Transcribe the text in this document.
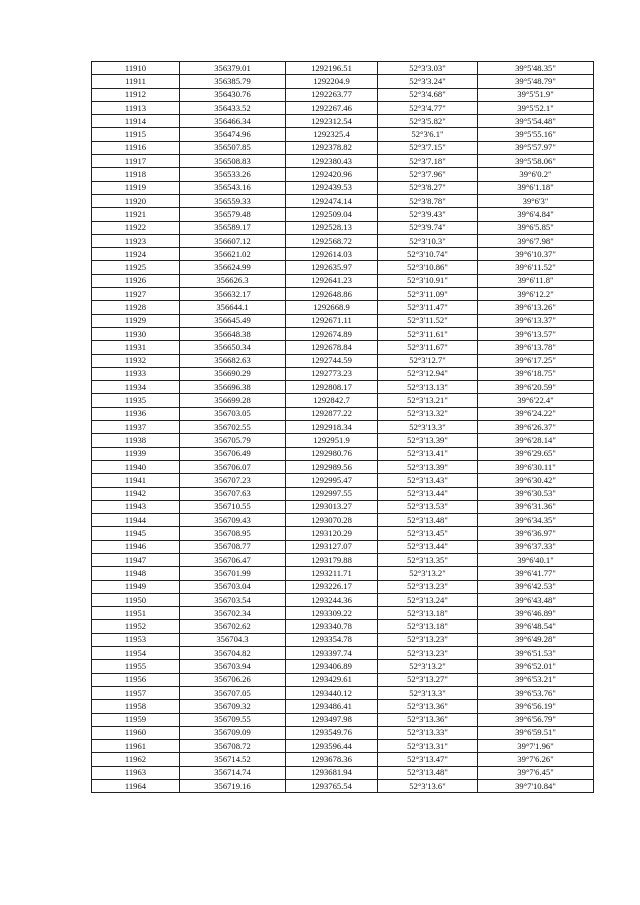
11910	356379.01	1292196.51	52°3'3.03"	39°5'48.35"
11911	356385.79	1292204.9	52°3'3.24"	39°5'48.79"
11912	356430.76	1292263.77	52°3'4.68"	39°5'51.9"
11913	356433.52	1292267.46	52°3'4.77"	39°5'52.1"
11914	356466.34	1292312.54	52°3'5.82"	39°5'54.48"
11915	356474.96	1292325.4	52°3'6.1"	39°5'55.16"
11916	356507.85	1292378.82	52°3'7.15"	39°5'57.97"
11917	356508.83	1292380.43	52°3'7.18"	39°5'58.06"
11918	356533.26	1292420.96	52°3'7.96"	39°6'0.2"
11919	356543.16	1292439.53	52°3'8.27"	39°6'1.18"
11920	356559.33	1292474.14	52°3'8.78"	39°6'3"
11921	356579.48	1292509.04	52°3'9.43"	39°6'4.84"
11922	356589.17	1292528.13	52°3'9.74"	39°6'5.85"
11923	356607.12	1292568.72	52°3'10.3"	39°6'7.98"
11924	356621.02	1292614.03	52°3'10.74"	39°6'10.37"
11925	356624.99	1292635.97	52°3'10.86"	39°6'11.52"
11926	356626.3	1292641.23	52°3'10.91"	39°6'11.8"
11927	356632.17	1292648.86	52°3'11.09"	39°6'12.2"
11928	356644.1	1292668.9	52°3'11.47"	39°6'13.26"
11929	356645.49	1292671.11	52°3'11.52"	39°6'13.37"
11930	356648.38	1292674.89	52°3'11.61"	39°6'13.57"
11931	356650.34	1292678.84	52°3'11.67"	39°6'13.78"
11932	356682.63	1292744.59	52°3'12.7"	39°6'17.25"
11933	356690.29	1292773.23	52°3'12.94"	39°6'18.75"
11934	356696.38	1292808.17	52°3'13.13"	39°6'20.59"
11935	356699.28	1292842.7	52°3'13.21"	39°6'22.4"
11936	356703.05	1292877.22	52°3'13.32"	39°6'24.22"
11937	356702.55	1292918.34	52°3'13.3"	39°6'26.37"
11938	356705.79	1292951.9	52°3'13.39"	39°6'28.14"
11939	356706.49	1292980.76	52°3'13.41"	39°6'29.65"
11940	356706.07	1292989.56	52°3'13.39"	39°6'30.11"
11941	356707.23	1292995.47	52°3'13.43"	39°6'30.42"
11942	356707.63	1292997.55	52°3'13.44"	39°6'30.53"
11943	356710.55	1293013.27	52°3'13.53"	39°6'31.36"
11944	356709.43	1293070.28	52°3'13.48"	39°6'34.35"
11945	356708.95	1293120.29	52°3'13.45"	39°6'36.97"
11946	356708.77	1293127.07	52°3'13.44"	39°6'37.33"
11947	356706.47	1293179.88	52°3'13.35"	39°6'40.1"
11948	356701.99	1293211.71	52°3'13.2"	39°6'41.77"
11949	356703.04	1293226.17	52°3'13.23"	39°6'42.53"
11950	356703.54	1293244.36	52°3'13.24"	39°6'43.48"
11951	356702.34	1293309.22	52°3'13.18"	39°6'46.89"
11952	356702.62	1293340.78	52°3'13.18"	39°6'48.54"
11953	356704.3	1293354.78	52°3'13.23"	39°6'49.28"
11954	356704.82	1293397.74	52°3'13.23"	39°6'51.53"
11955	356703.94	1293406.89	52°3'13.2"	39°6'52.01"
11956	356706.26	1293429.61	52°3'13.27"	39°6'53.21"
11957	356707.05	1293440.12	52°3'13.3"	39°6'53.76"
11958	356709.32	1293486.41	52°3'13.36"	39°6'56.19"
11959	356709.55	1293497.98	52°3'13.36"	39°6'56.79"
11960	356709.09	1293549.76	52°3'13.33"	39°6'59.51"
11961	356708.72	1293596.44	52°3'13.31"	39°7'1.96"
11962	356714.52	1293678.36	52°3'13.47"	39°7'6.26"
11963	356714.74	1293681.94	52°3'13.48"	39°7'6.45"
11964	356719.16	1293765.54	52°3'13.6"	39°7'10.84"
